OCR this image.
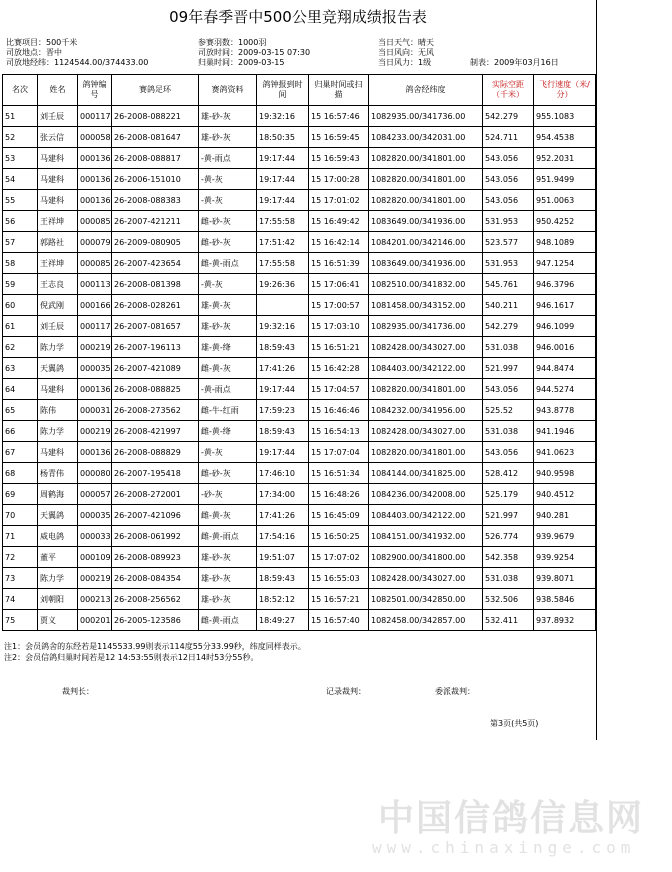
09年春季晋中500公里竞翔成绩报告表
比赛项目：500千米	参赛羽数：1000羽	当日天气：晴天
司放地点：晋中	司放时间：2009-03-15 07:30	当日风向：无风
司放地经纬：1124544.00/374433.00	归巢时间：2009-03-15	当日风力：1级	制表：2009年03月16日
名次	姓名	鸽钟编号	赛鸽足环	赛鸽资料	鸽钟报到时间	归巢时间或扫描	鸽舍经纬度	实际空距（千米）	飞行速度（米/分）
51	刘壬辰	000117	26-2008-088221	雄-砂-灰	19:32:16	15 16:57:46	1082935.00/341736.00	542.279	955.1083
52	张云信	000058	26-2008-081647	雄-砂-灰	18:50:35	15 16:59:45	1084233.00/342031.00	524.711	954.4538
53	马建科	000136	26-2008-088817	-黄-雨点	19:17:44	15 16:59:43	1082820.00/341801.00	543.056	952.2031
54	马建科	000136	26-2006-151010	-黄-灰	19:17:44	15 17:00:28	1082820.00/341801.00	543.056	951.9499
55	马建科	000136	26-2008-088383	-黄-灰	19:17:44	15 17:01:02	1082820.00/341801.00	543.056	951.0063
56	王祥坤	000085	26-2007-421211	雌-砂-灰	17:55:58	15 16:49:42	1083649.00/341936.00	531.953	950.4252
57	郭路社	000079	26-2009-080905	雌-砂-灰	17:51:42	15 16:42:14	1084201.00/342146.00	523.577	948.1089
58	王祥坤	000085	26-2007-423654	雌-黄-雨点	17:55:58	15 16:51:39	1083649.00/341936.00	531.953	947.1254
59	王志良	000113	26-2008-081398	-黄-灰	19:26:36	15 17:06:41	1082510.00/341832.00	545.761	946.3796
60	倪武刚	000166	26-2008-028261	雄-黄-灰		15 17:00:57	1081458.00/343152.00	540.211	946.1617
61	刘壬辰	000117	26-2007-081657	雄-砂-灰	19:32:16	15 17:03:10	1082935.00/341736.00	542.279	946.1099
62	陈力学	000219	26-2007-196113	雄-黄-绛	18:59:43	15 16:51:21	1082428.00/343027.00	531.038	946.0016
63	天翼鸽	000035	26-2007-421089	雌-黄-灰	17:41:26	15 16:42:28	1084403.00/342122.00	521.997	944.8474
64	马建科	000136	26-2008-088825	-黄-雨点	19:17:44	15 17:04:57	1082820.00/341801.00	543.056	944.5274
65	陈伟	000031	26-2008-273562	雌-牛-红雨	17:59:23	15 16:46:46	1084232.00/341956.00	525.52	943.8778
66	陈力学	000219	26-2008-421997	雌-黄-绛	18:59:43	15 16:54:13	1082428.00/343027.00	531.038	941.1946
67	马建科	000136	26-2008-088829	-黄-灰	19:17:44	15 17:07:04	1082820.00/341801.00	543.056	941.0623
68	杨青伟	000080	26-2007-195418	雌-砂-灰	17:46:10	15 16:51:34	1084144.00/341825.00	528.412	940.9598
69	周鹤海	000057	26-2008-272001	-砂-灰	17:34:00	15 16:48:26	1084236.00/342008.00	525.179	940.4512
70	天翼鸽	000035	26-2007-421096	雌-黄-灰	17:41:26	15 16:45:09	1084403.00/342122.00	521.997	940.281
71	威电鸽	000033	26-2008-061992	雌-黄-雨点	17:54:16	15 16:50:25	1084151.00/341932.00	526.774	939.9679
72	董平	000109	26-2008-089923	雄-砂-灰	19:51:07	15 17:07:02	1082900.00/341800.00	542.358	939.9254
73	陈力学	000219	26-2008-084354	雄-砂-灰	18:59:43	15 16:55:03	1082428.00/343027.00	531.038	939.8071
74	刘朝阳	000213	26-2008-256562	雄-砂-灰	18:52:12	15 16:57:21	1082501.00/342850.00	532.506	938.5846
75	贾义	000201	26-2005-123586	雌-黄-雨点	18:49:27	15 16:57:40	1082458.00/342857.00	532.411	937.8932
注1：会员鸽舍的东经若是1145533.99则表示114度55分33.99秒，纬度同样表示。
注2：会员信鸽归巢时间若是12 14:53:55则表示12日14时53分55秒。
裁判长：	记录裁判：	委派裁判：
第3页(共5页)
中国信鸽信息网
www.chinaxinge.com
